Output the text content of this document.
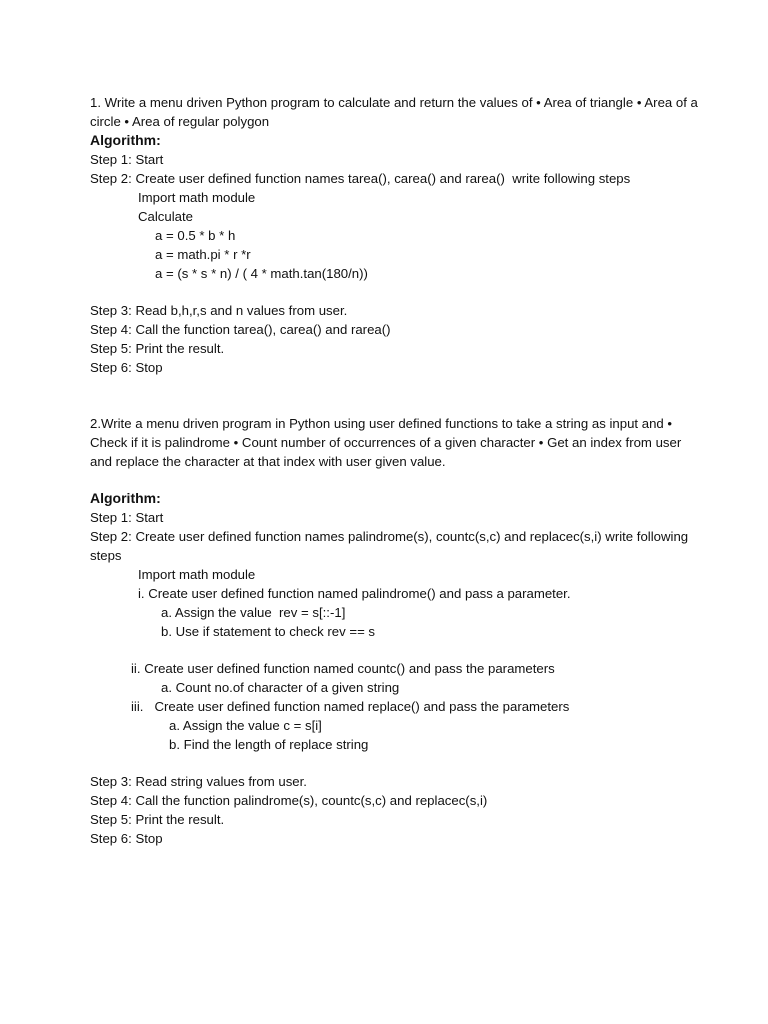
1. Write a menu driven Python program to calculate and return the values of • Area of triangle • Area of a circle • Area of regular polygon
Algorithm:
Step 1: Start
Step 2: Create user defined function names tarea(), carea() and rarea()  write following steps
Import math module
Calculate
a = 0.5 * b * h
a = math.pi * r *r
a = (s * s * n) / ( 4 * math.tan(180/n))
Step 3: Read b,h,r,s and n values from user.
Step 4: Call the function tarea(), carea() and rarea()
Step 5: Print the result.
Step 6: Stop
2.Write a menu driven program in Python using user defined functions to take a string as input and • Check if it is palindrome • Count number of occurrences of a given character • Get an index from user and replace the character at that index with user given value.
Algorithm:
Step 1: Start
Step 2: Create user defined function names palindrome(s), countc(s,c) and replacec(s,i) write following steps
Import math module
i. Create user defined function named palindrome() and pass a parameter.
a. Assign the value  rev = s[::-1]
b. Use if statement to check rev == s
ii. Create user defined function named countc() and pass the parameters
a. Count no.of character of a given string
iii.   Create user defined function named replace() and pass the parameters
a. Assign the value c = s[i]
b. Find the length of replace string
Step 3: Read string values from user.
Step 4: Call the function palindrome(s), countc(s,c) and replacec(s,i)
Step 5: Print the result.
Step 6: Stop
